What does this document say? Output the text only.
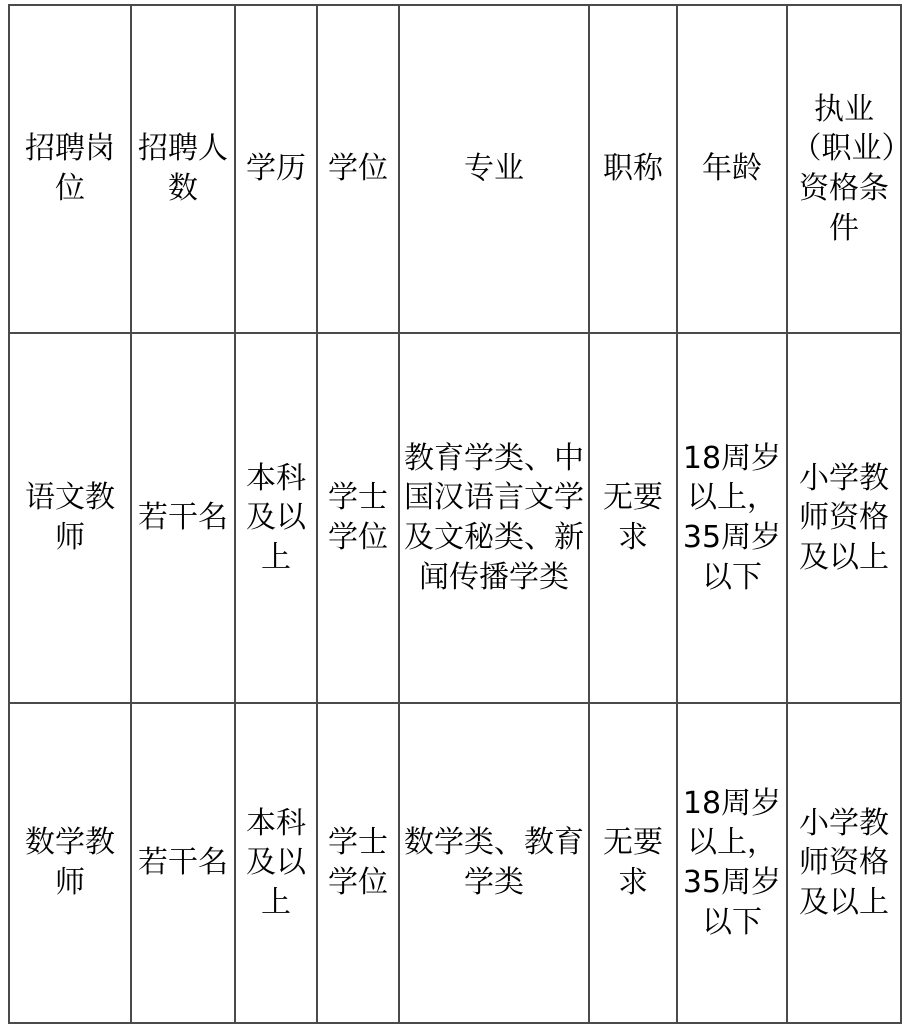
招聘岗位	招聘人数	学历	学位	专业	职称	年龄	执业（职业）资格条件

语文教师	若干名	本科及以上	学士学位	教育学类、中国汉语言文学及文秘类、新闻传播学类	无要求	18周岁以上，35周岁以下	小学教师资格及以上

数学教师	若干名	本科及以上	学士学位	数学类、教育学类	无要求	18周岁以上，35周岁以下	小学教师资格及以上
